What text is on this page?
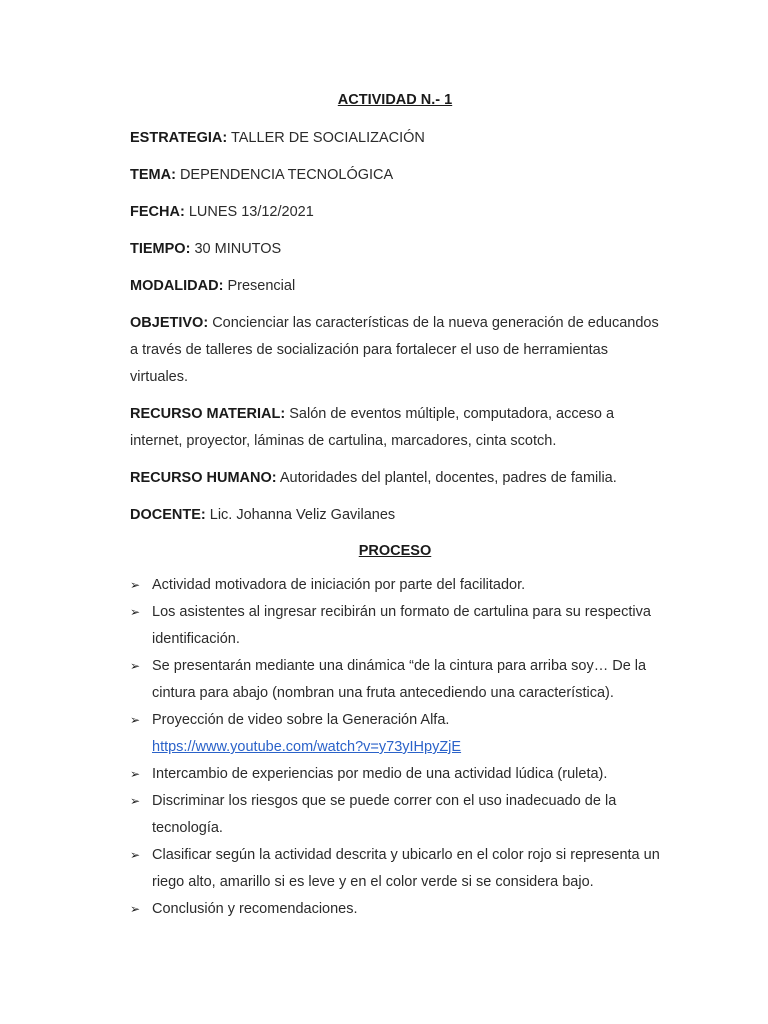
ACTIVIDAD N.- 1
ESTRATEGIA: TALLER DE SOCIALIZACIÓN
TEMA: DEPENDENCIA TECNOLÓGICA
FECHA: LUNES 13/12/2021
TIEMPO: 30 MINUTOS
MODALIDAD: Presencial
OBJETIVO: Concienciar las características de la nueva generación de educandos a través de talleres de socialización para fortalecer el uso de herramientas virtuales.
RECURSO MATERIAL: Salón de eventos múltiple, computadora, acceso a internet, proyector, láminas de cartulina, marcadores, cinta scotch.
RECURSO HUMANO: Autoridades del plantel, docentes, padres de familia.
DOCENTE: Lic. Johanna Veliz Gavilanes
PROCESO
➢ Actividad motivadora de iniciación por parte del facilitador.
➢ Los asistentes al ingresar recibirán un formato de cartulina para su respectiva identificación.
➢ Se presentarán mediante una dinámica “de la cintura para arriba soy… De la cintura para abajo (nombran una fruta antecediendo una característica).
➢ Proyección de video sobre la Generación Alfa.
https://www.youtube.com/watch?v=y73yIHpyZjE
➢ Intercambio de experiencias por medio de una actividad lúdica (ruleta).
➢ Discriminar los riesgos que se puede correr con el uso inadecuado de la tecnología.
➢ Clasificar según la actividad descrita y ubicarlo en el color rojo si representa un riego alto, amarillo si es leve y en el color verde si se considera bajo.
➢ Conclusión y recomendaciones.
